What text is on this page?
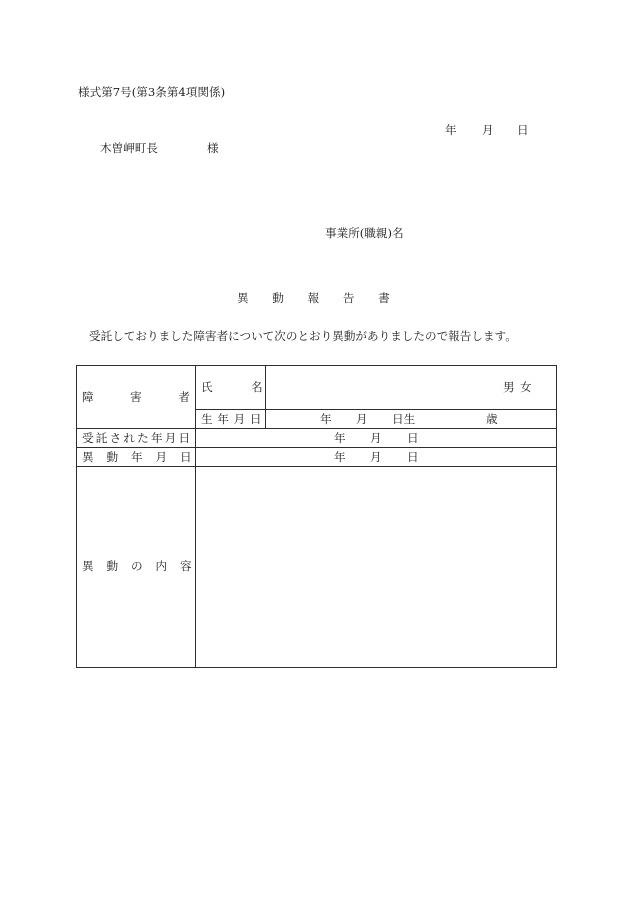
様式第7号(第3条第4項関係)
年 月 日
木曽岬町長	様
事業所(職親)名
異動報告書
受託しておりました障害者について次のとおり異動がありましたので報告します。
障害者
氏名	男 女
生年月日	年 月 日生	歳
受託された年月日	年 月 日
異動年月日	年 月 日
異動の内容
